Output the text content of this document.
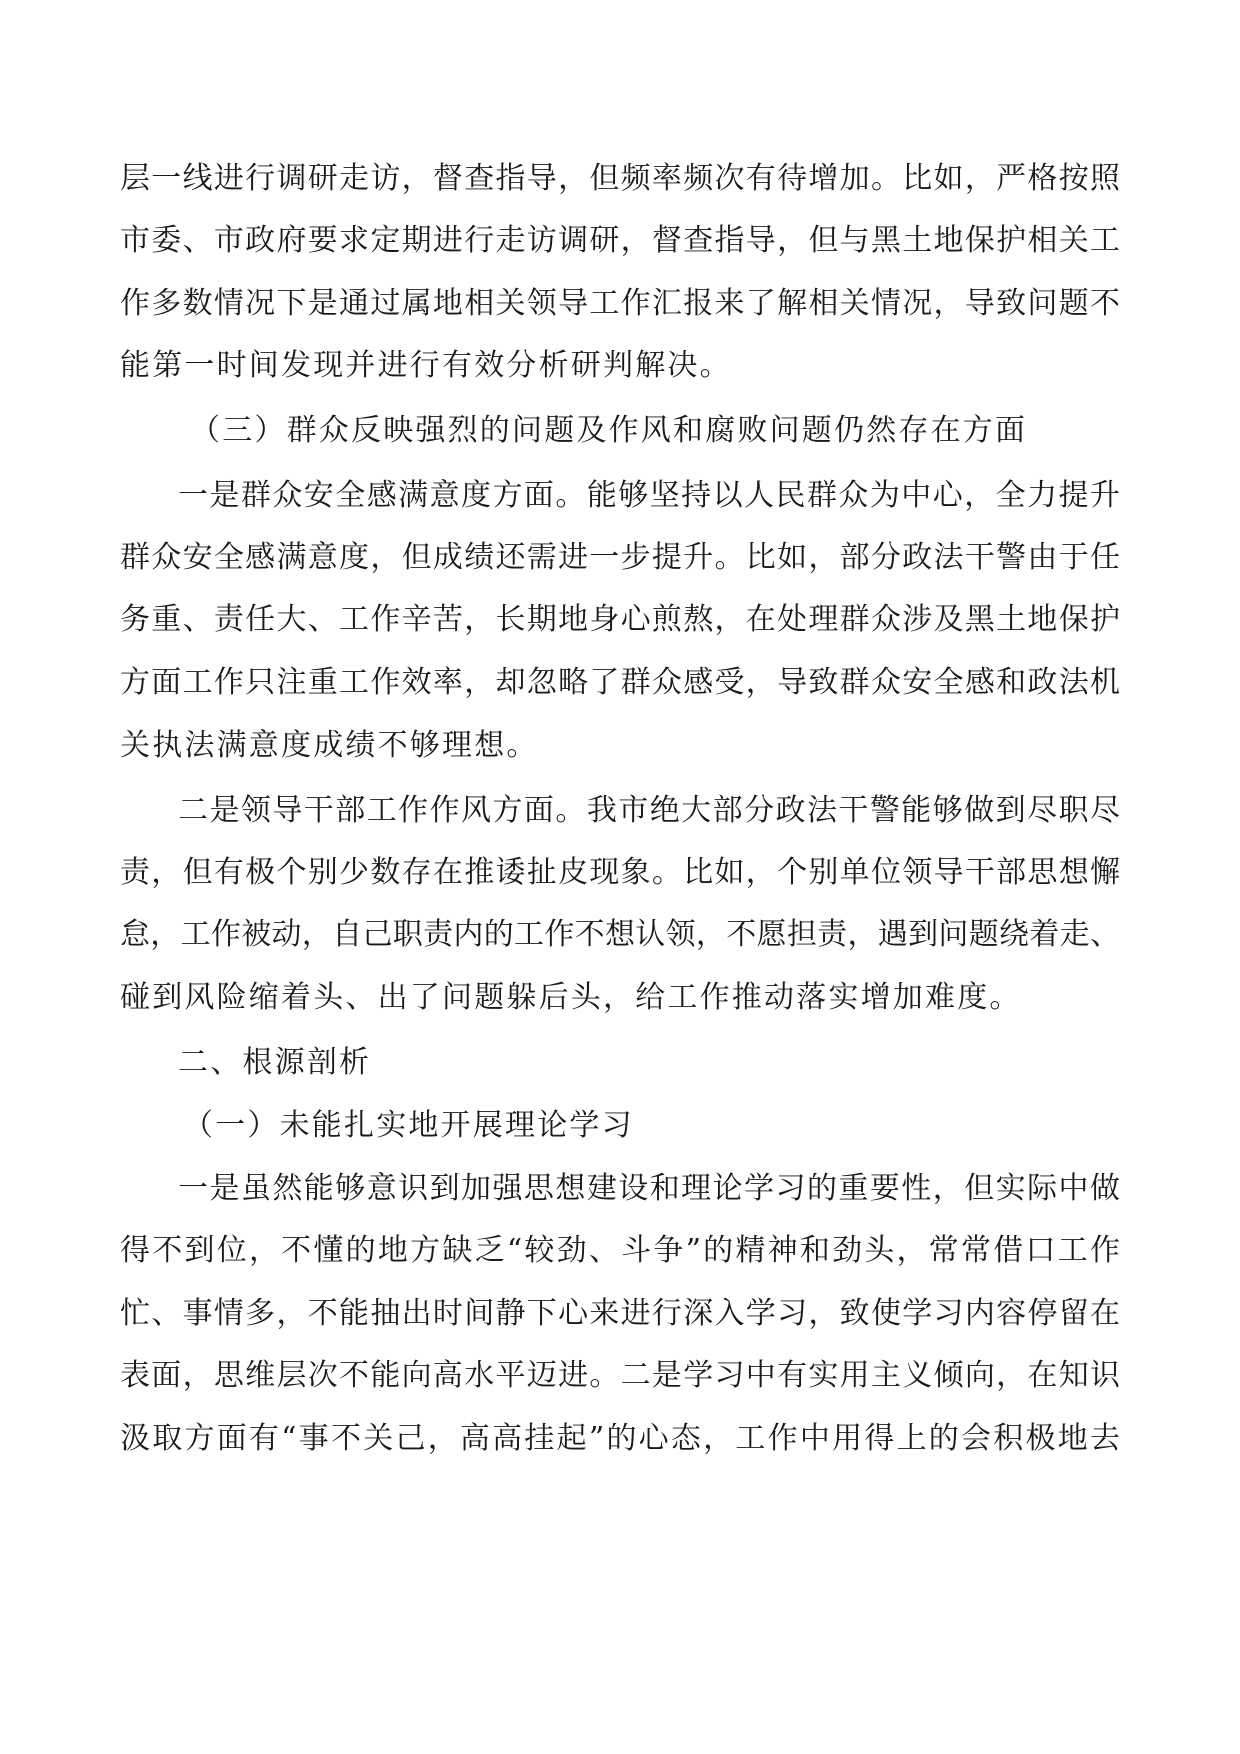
层一线进行调研走访，督查指导，但频率频次有待增加。比如，严格按照

市委、市政府要求定期进行走访调研，督查指导，但与黑土地保护相关工

作多数情况下是通过属地相关领导工作汇报来了解相关情况，导致问题不

能第一时间发现并进行有效分析研判解决。

（三）群众反映强烈的问题及作风和腐败问题仍然存在方面

一是群众安全感满意度方面。能够坚持以人民群众为中心，全力提升

群众安全感满意度，但成绩还需进一步提升。比如，部分政法干警由于任

务重、责任大、工作辛苦，长期地身心煎熬，在处理群众涉及黑土地保护

方面工作只注重工作效率，却忽略了群众感受，导致群众安全感和政法机

关执法满意度成绩不够理想。

二是领导干部工作作风方面。我市绝大部分政法干警能够做到尽职尽

责，但有极个别少数存在推诿扯皮现象。比如，个别单位领导干部思想懈

怠，工作被动，自己职责内的工作不想认领，不愿担责，遇到问题绕着走、

碰到风险缩着头、出了问题躲后头，给工作推动落实增加难度。

二、根源剖析

（一）未能扎实地开展理论学习

一是虽然能够意识到加强思想建设和理论学习的重要性，但实际中做

得不到位，不懂的地方缺乏“较劲、斗争”的精神和劲头，常常借口工作

忙、事情多，不能抽出时间静下心来进行深入学习，致使学习内容停留在

表面，思维层次不能向高水平迈进。二是学习中有实用主义倾向，在知识

汲取方面有“事不关己，高高挂起”的心态，工作中用得上的会积极地去
